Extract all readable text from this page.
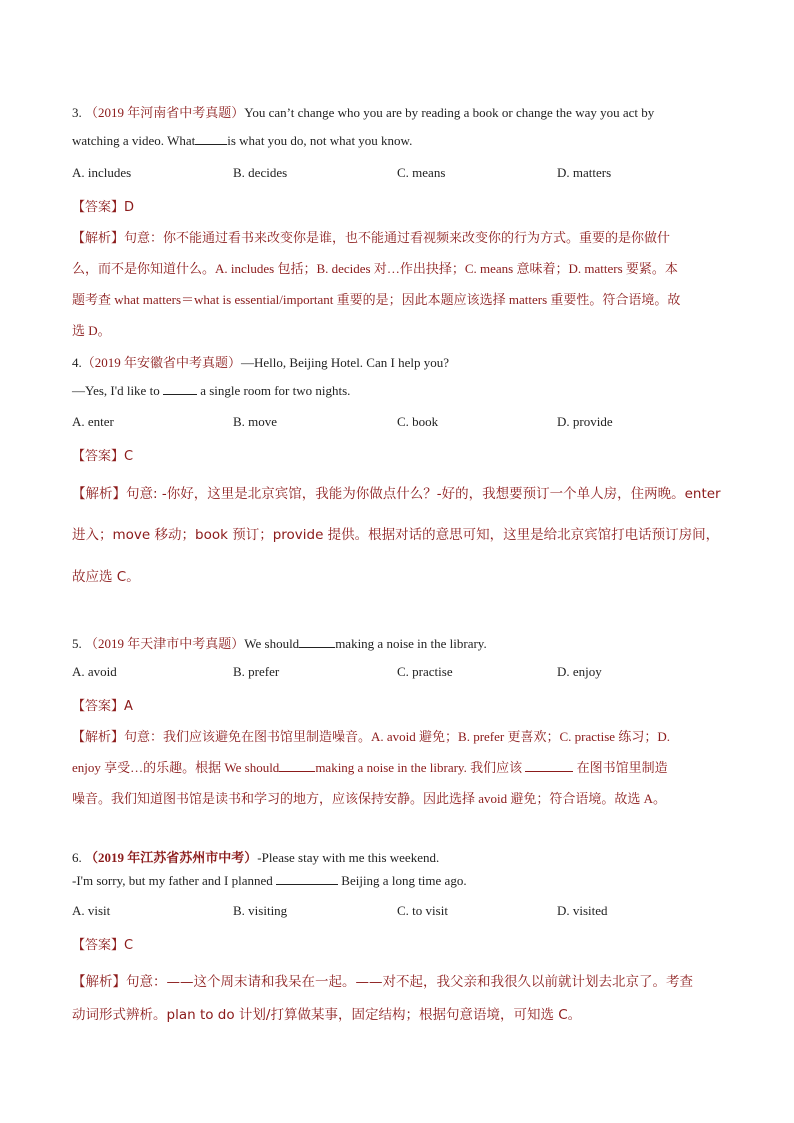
3. （2019 年河南省中考真题）You can’t change who you are by reading a book or change the way you act by
watching a video. What is what you do, not what you know.
A. includes	B. decides	C. means	D. matters
【答案】D
【解析】句意：你不能通过看书来改变你是谁，也不能通过看视频来改变你的行为方式。重要的是你做什
么，而不是你知道什么。A. includes 包括；B. decides 对…作出抉择；C. means 意味着；D. matters 要紧。本
题考查 what matters＝what is essential/important 重要的是；因此本题应该选择 matters 重要性。符合语境。故
选 D。
4.（2019 年安徽省中考真题）—Hello, Beijing Hotel. Can I help you?
—Yes, I'd like to	a single room for two nights.
A. enter	B. move	C. book	D. provide
【答案】C
【解析】句意: -你好，这里是北京宾馆，我能为你做点什么？-好的，我想要预订一个单人房，住两晚。enter
进入；move 移动；book 预订；provide 提供。根据对话的意思可知，这里是给北京宾馆打电话预订房间，
故应选 C。
5. （2019 年天津市中考真题）We should	making a noise in the library.
A. avoid	B. prefer	C. practise	D. enjoy
【答案】A
【解析】句意：我们应该避免在图书馆里制造噪音。A. avoid 避免；B. prefer 更喜欢；C. practise 练习；D.
enjoy 享受…的乐趣。根据 We should	making a noise in the library. 我们应该	在图书馆里制造
噪音。我们知道图书馆是读书和学习的地方，应该保持安静。因此选择 avoid 避免；符合语境。故选 A。
6. （2019 年江苏省苏州市中考）-Please stay with me this weekend.
-I'm sorry, but my father and I planned	Beijing a long time ago.
A. visit	B. visiting	C. to visit	D. visited
【答案】C
【解析】句意：——这个周末请和我呆在一起。——对不起，我父亲和我很久以前就计划去北京了。考查
动词形式辨析。plan to do 计划/打算做某事，固定结构；根据句意语境，可知选 C。
